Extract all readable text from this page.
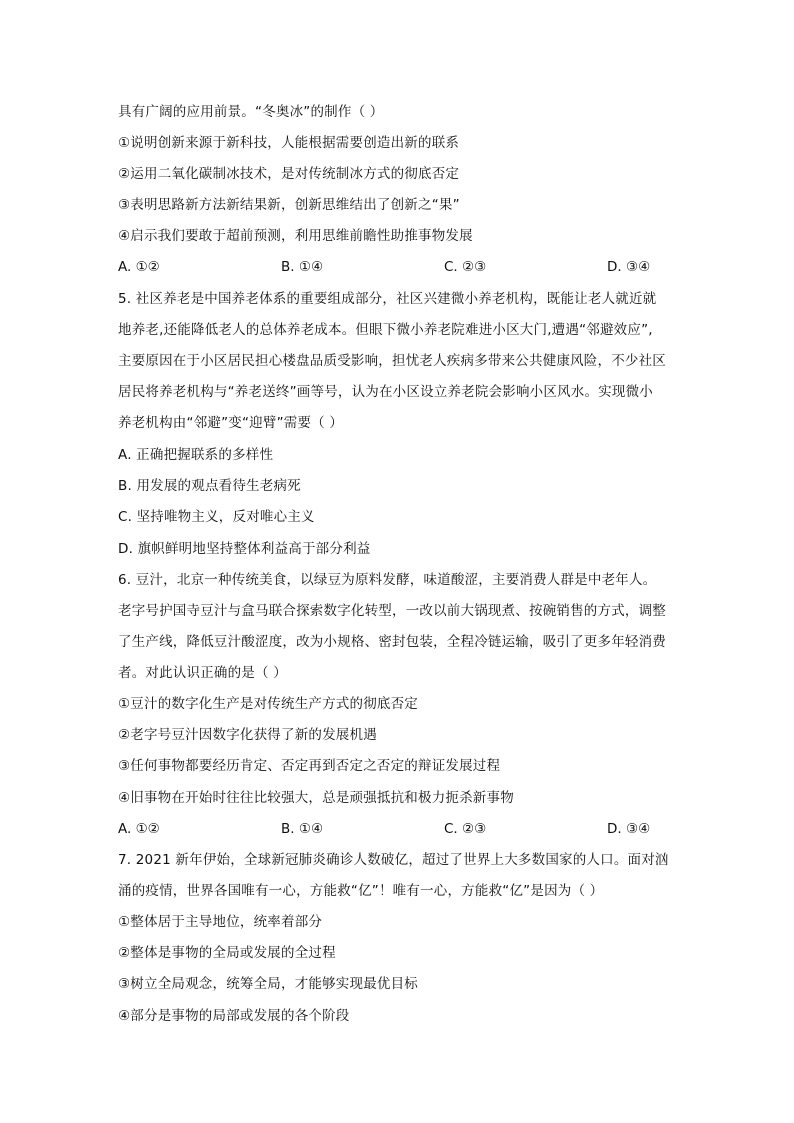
具有广阔的应用前景。“冬奥冰”的制作（ ）
①说明创新来源于新科技，人能根据需要创造出新的联系
②运用二氧化碳制冰技术，是对传统制冰方式的彻底否定
③表明思路新方法新结果新，创新思维结出了创新之“果”
④启示我们要敢于超前预测，利用思维前瞻性助推事物发展
A. ①②	B. ①④	C. ②③	D. ③④
5. 社区养老是中国养老体系的重要组成部分，社区兴建微小养老机构，既能让老人就近就
地养老,还能降低老人的总体养老成本。但眼下微小养老院难进小区大门,遭遇“邻避效应”,
主要原因在于小区居民担心楼盘品质受影响，担忧老人疾病多带来公共健康风险，不少社区
居民将养老机构与“养老送终”画等号，认为在小区设立养老院会影响小区风水。实现微小
养老机构由“邻避”变“迎臂”需要（ ）
A. 正确把握联系的多样性
B. 用发展的观点看待生老病死
C. 坚持唯物主义，反对唯心主义
D. 旗帜鲜明地坚持整体利益高于部分利益
6. 豆汁，北京一种传统美食，以绿豆为原料发酵，味道酸涩，主要消费人群是中老年人。
老字号护国寺豆汁与盒马联合探索数字化转型，一改以前大锅现煮、按碗销售的方式，调整
了生产线，降低豆汁酸涩度，改为小规格、密封包装，全程冷链运输，吸引了更多年轻消费
者。对此认识正确的是（ ）
①豆汁的数字化生产是对传统生产方式的彻底否定
②老字号豆汁因数字化获得了新的发展机遇
③任何事物都要经历肯定、否定再到否定之否定的辩证发展过程
④旧事物在开始时往往比较强大，总是顽强抵抗和极力扼杀新事物
A. ①②	B. ①④	C. ②③	D. ③④
7. 2021 新年伊始，全球新冠肺炎确诊人数破亿，超过了世界上大多数国家的人口。面对汹
涌的疫情，世界各国唯有一心，方能救“亿”！唯有一心，方能救“亿”是因为（ ）
①整体居于主导地位，统率着部分
②整体是事物的全局或发展的全过程
③树立全局观念，统筹全局，才能够实现最优目标
④部分是事物的局部或发展的各个阶段
